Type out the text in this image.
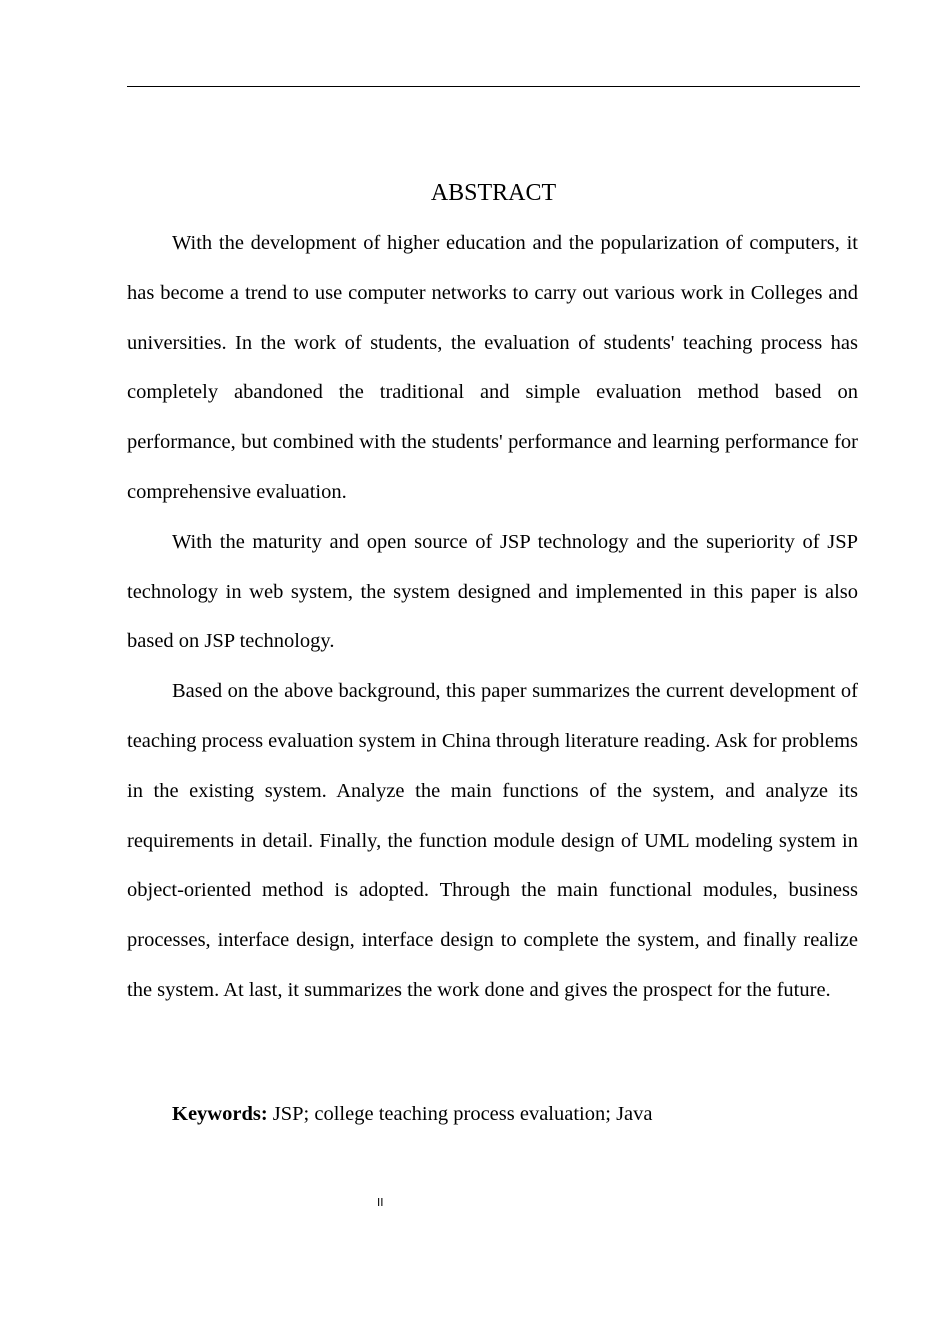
ABSTRACT

With the development of higher education and the popularization of computers, it has become a trend to use computer networks to carry out various work in Colleges and universities. In the work of students, the evaluation of students' teaching process has completely abandoned the traditional and simple evaluation method based on performance, but combined with the students' performance and learning performance for comprehensive evaluation.

With the maturity and open source of JSP technology and the superiority of JSP technology in web system, the system designed and implemented in this paper is also based on JSP technology.

Based on the above background, this paper summarizes the current development of teaching process evaluation system in China through literature reading. Ask for problems in the existing system. Analyze the main functions of the system, and analyze its requirements in detail. Finally, the function module design of UML modeling system in object-oriented method is adopted. Through the main functional modules, business processes, interface design, interface design to complete the system, and finally realize the system. At last, it summarizes the work done and gives the prospect for the future.

Keywords: JSP; college teaching process evaluation; Java
II
